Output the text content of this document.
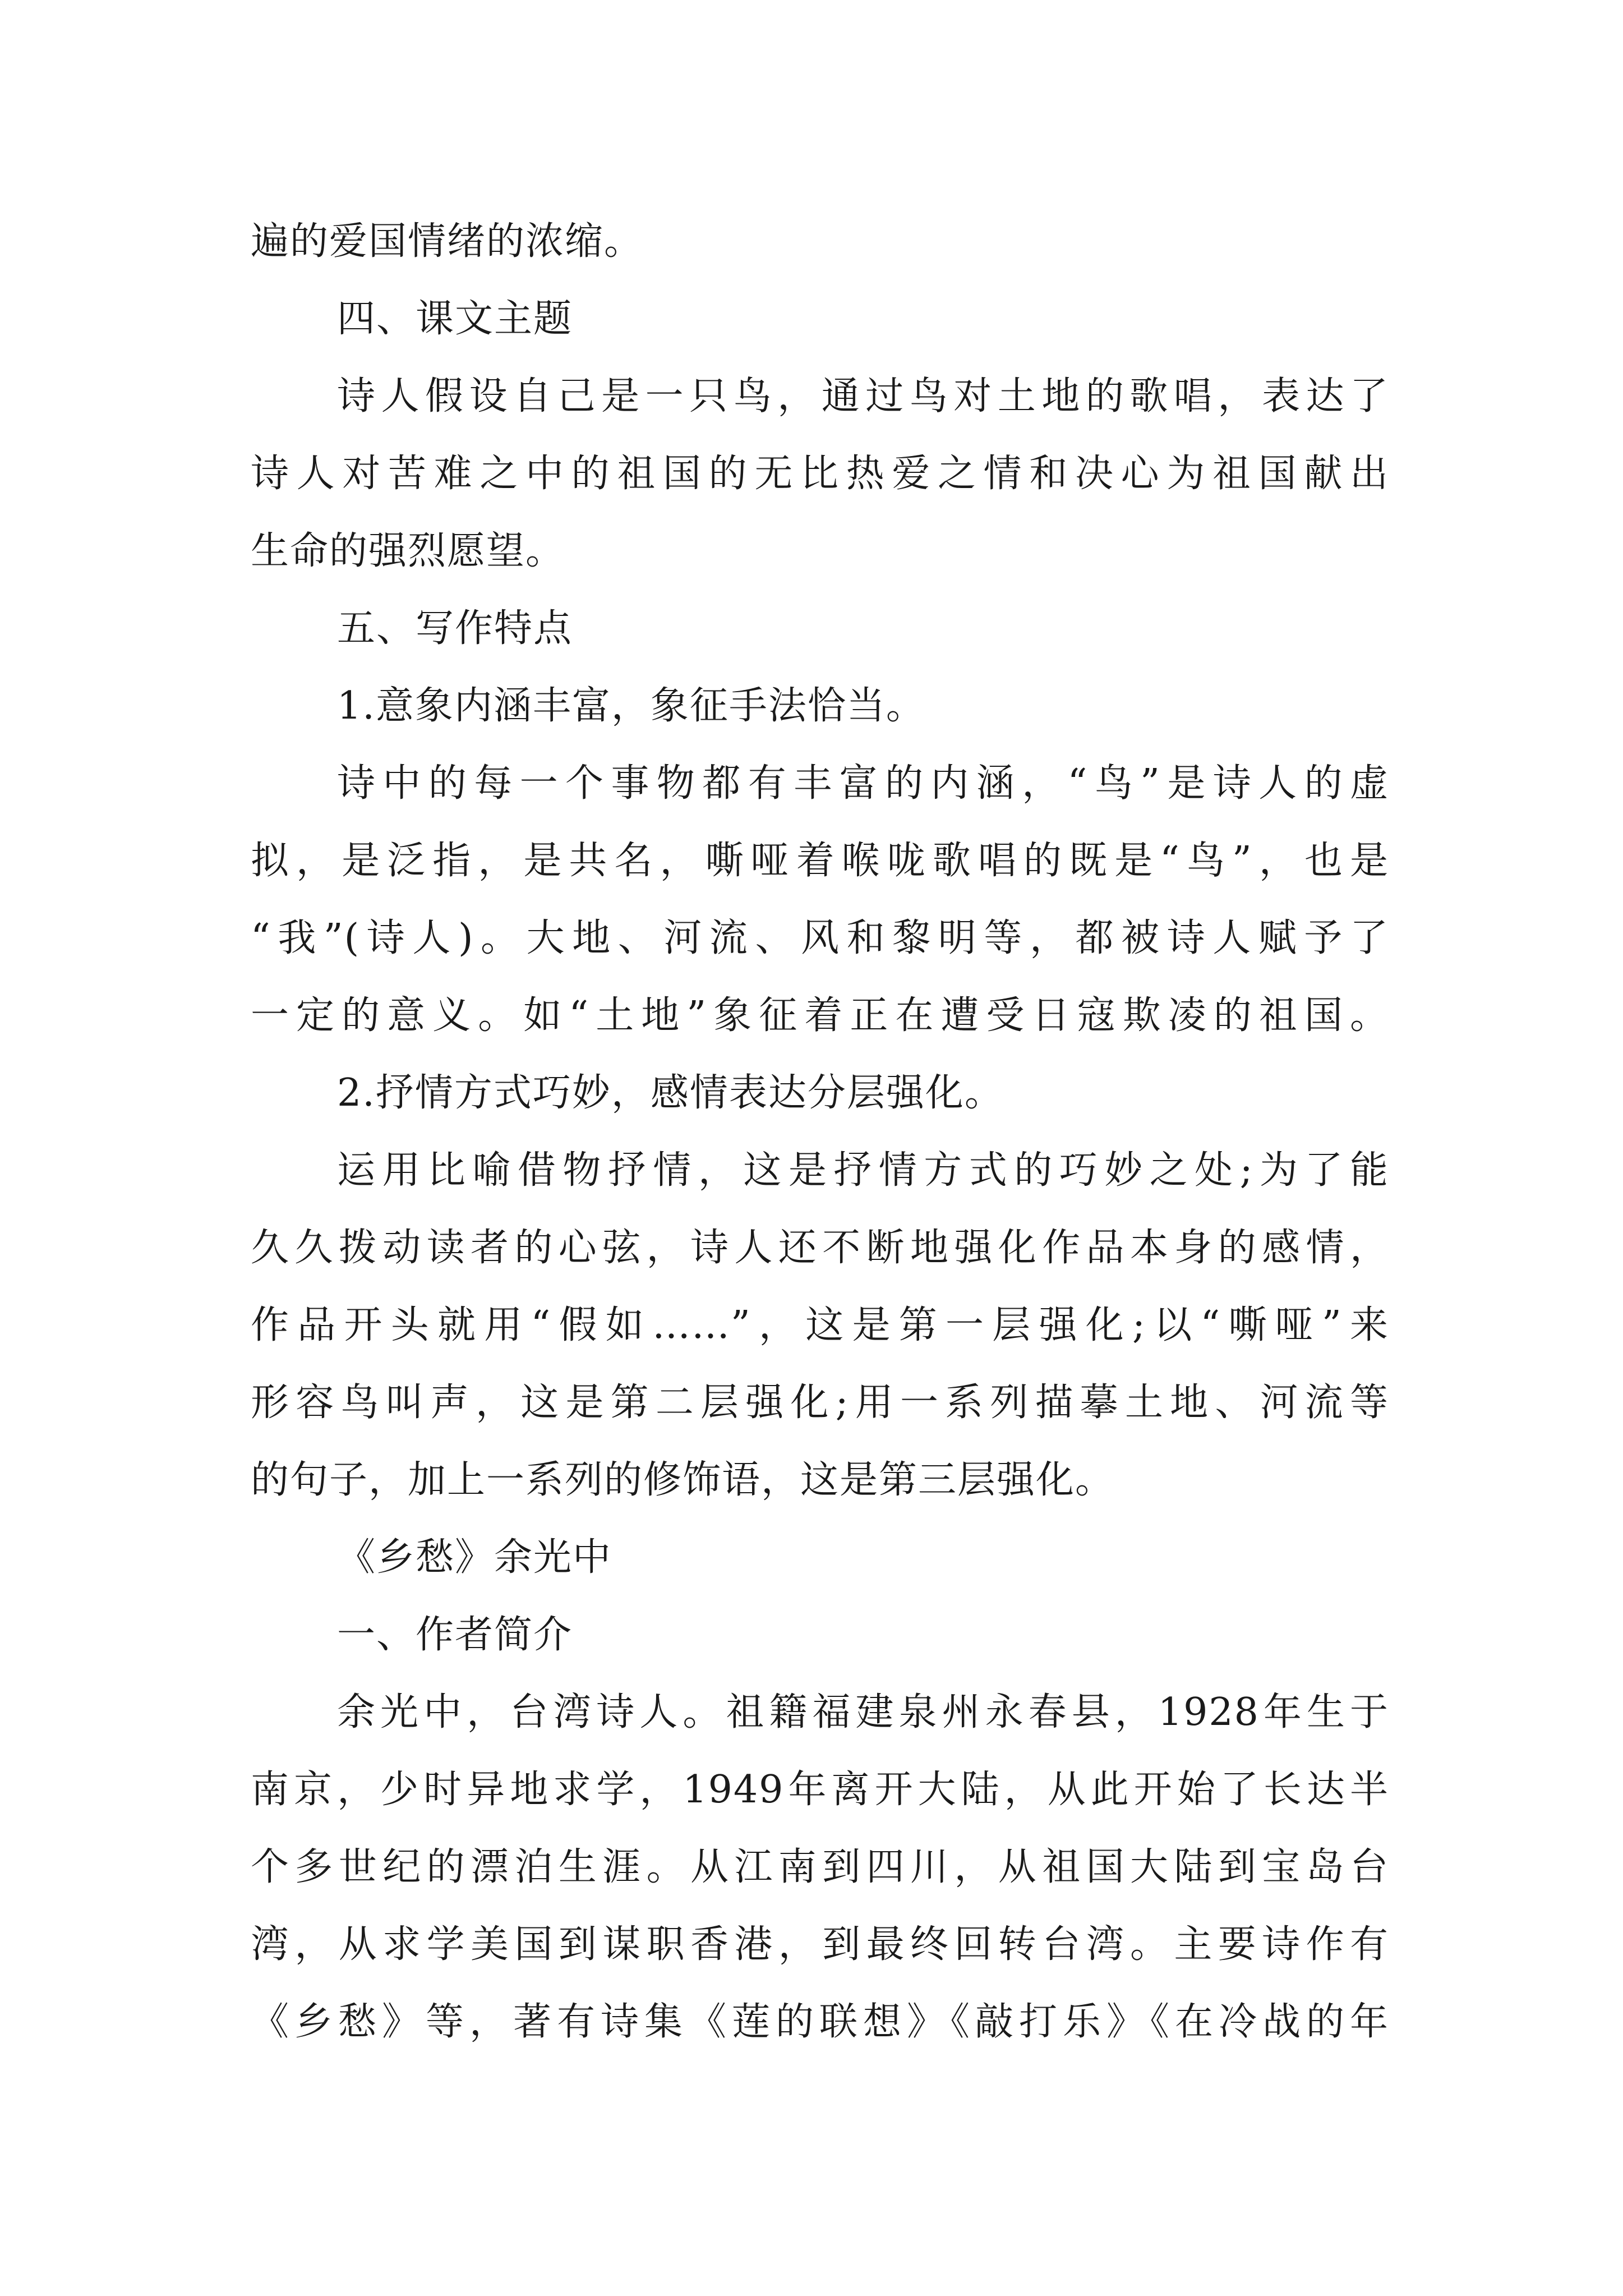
遍的爱国情绪的浓缩。
四、课文主题
诗人假设自己是一只鸟，通过鸟对土地的歌唱，表达了
诗人对苦难之中的祖国的无比热爱之情和决心为祖国献出
生命的强烈愿望。
五、写作特点
1.意象内涵丰富，象征手法恰当。
诗中的每一个事物都有丰富的内涵，“鸟”是诗人的虚
拟，是泛指，是共名，嘶哑着喉咙歌唱的既是“鸟”，也是
“我”(诗人)。大地、河流、风和黎明等，都被诗人赋予了
一定的意义。如“土地”象征着正在遭受日寇欺凌的祖国。
2.抒情方式巧妙，感情表达分层强化。
运用比喻借物抒情，这是抒情方式的巧妙之处;为了能
久久拨动读者的心弦，诗人还不断地强化作品本身的感情，
作品开头就用“假如……”，这是第一层强化;以“嘶哑”来
形容鸟叫声，这是第二层强化;用一系列描摹土地、河流等
的句子，加上一系列的修饰语，这是第三层强化。
《乡愁》余光中
一、作者简介
余光中，台湾诗人。祖籍福建泉州永春县，1928年生于
南京，少时异地求学，1949年离开大陆，从此开始了长达半
个多世纪的漂泊生涯。从江南到四川，从祖国大陆到宝岛台
湾，从求学美国到谋职香港，到最终回转台湾。主要诗作有
《乡愁》等，著有诗集《莲的联想》《敲打乐》《在冷战的年
